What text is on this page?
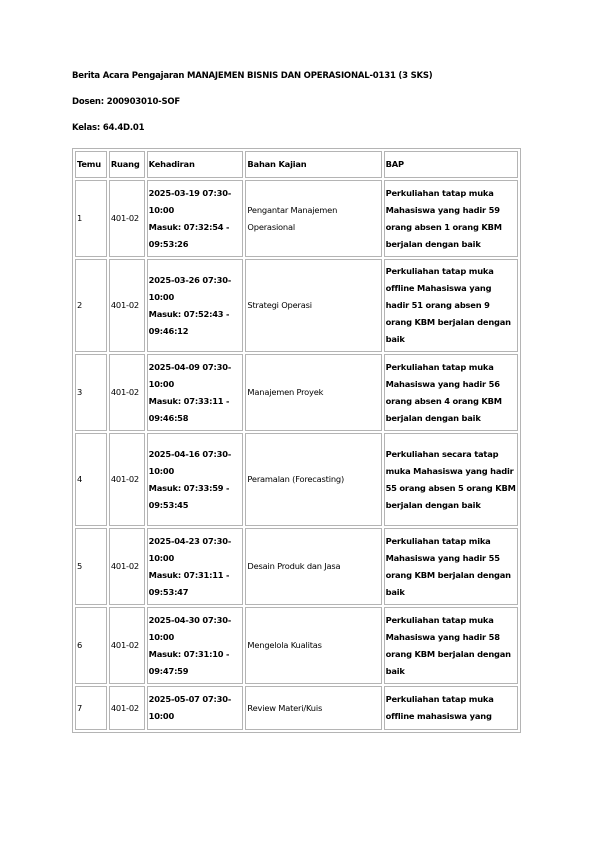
Berita Acara Pengajaran MANAJEMEN BISNIS DAN OPERASIONAL-0131 (3 SKS)
Dosen: 200903010-SOF
Kelas: 64.4D.01
Temu	Ruang	Kehadiran	Bahan Kajian	BAP
1	401-02	2025-03-19 07:30-10:00
Masuk: 07:32:54 - 09:53:26	Pengantar Manajemen Operasional	Perkuliahan tatap muka Mahasiswa yang hadir 59 orang absen 1 orang KBM berjalan dengan baik
2	401-02	2025-03-26 07:30-10:00
Masuk: 07:52:43 - 09:46:12	Strategi Operasi	Perkuliahan tatap muka offline Mahasiswa yang hadir 51 orang absen 9 orang KBM berjalan dengan baik
3	401-02	2025-04-09 07:30-10:00
Masuk: 07:33:11 - 09:46:58	Manajemen Proyek	Perkuliahan tatap muka Mahasiswa yang hadir 56 orang absen 4 orang KBM berjalan dengan baik
4	401-02	2025-04-16 07:30-10:00
Masuk: 07:33:59 - 09:53:45	Peramalan (Forecasting)	Perkuliahan secara tatap muka Mahasiswa yang hadir 55 orang absen 5 orang KBM berjalan dengan baik
5	401-02	2025-04-23 07:30-10:00
Masuk: 07:31:11 - 09:53:47	Desain Produk dan Jasa	Perkuliahan tatap mika Mahasiswa yang hadir 55 orang KBM berjalan dengan baik
6	401-02	2025-04-30 07:30-10:00
Masuk: 07:31:10 - 09:47:59	Mengelola Kualitas	Perkuliahan tatap muka Mahasiswa yang hadir 58 orang KBM berjalan dengan baik
7	401-02	2025-05-07 07:30-10:00	Review Materi/Kuis	Perkuliahan tatap muka offline mahasiswa yang
